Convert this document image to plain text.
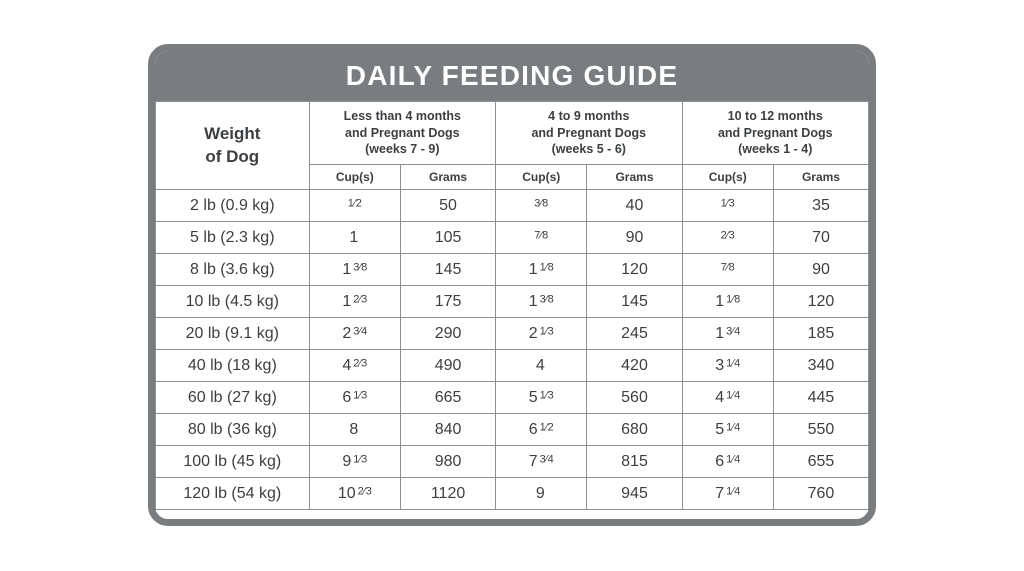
DAILY FEEDING GUIDE
Weight
of Dog

Less than 4 months
and Pregnant Dogs
(weeks 7 - 9)

4 to 9 months
and Pregnant Dogs
(weeks 5 - 6)

10 to 12 months
and Pregnant Dogs
(weeks 1 - 4)

	Cup(s)	Grams	Cup(s)	Grams	Cup(s)	Grams
2 lb (0.9 kg)	$^{1⁄2}$	50	$^{3⁄8}$	40	$^{1⁄3}$	35
5 lb (2.3 kg)	1	105	$^{7⁄8}$	90	$^{2⁄3}$	70
8 lb (3.6 kg)	1 $^{3⁄8}$	145	1 $^{1⁄8}$	120	$^{7⁄8}$	90
10 lb (4.5 kg)	1 $^{2⁄3}$	175	1 $^{3⁄8}$	145	1 $^{1⁄8}$	120
20 lb (9.1 kg)	2 $^{3⁄4}$	290	2 $^{1⁄3}$	245	1 $^{3⁄4}$	185
40 lb (18 kg)	4 $^{2⁄3}$	490	4	420	3 $^{1⁄4}$	340
60 lb (27 kg)	6 $^{1⁄3}$	665	5 $^{1⁄3}$	560	4 $^{1⁄4}$	445
80 lb (36 kg)	8	840	6 $^{1⁄2}$	680	5 $^{1⁄4}$	550
100 lb (45 kg)	9 $^{1⁄3}$	980	7 $^{3⁄4}$	815	6 $^{1⁄4}$	655
120 lb (54 kg)	10 $^{2⁄3}$	1120	9	945	7 $^{1⁄4}$	760
